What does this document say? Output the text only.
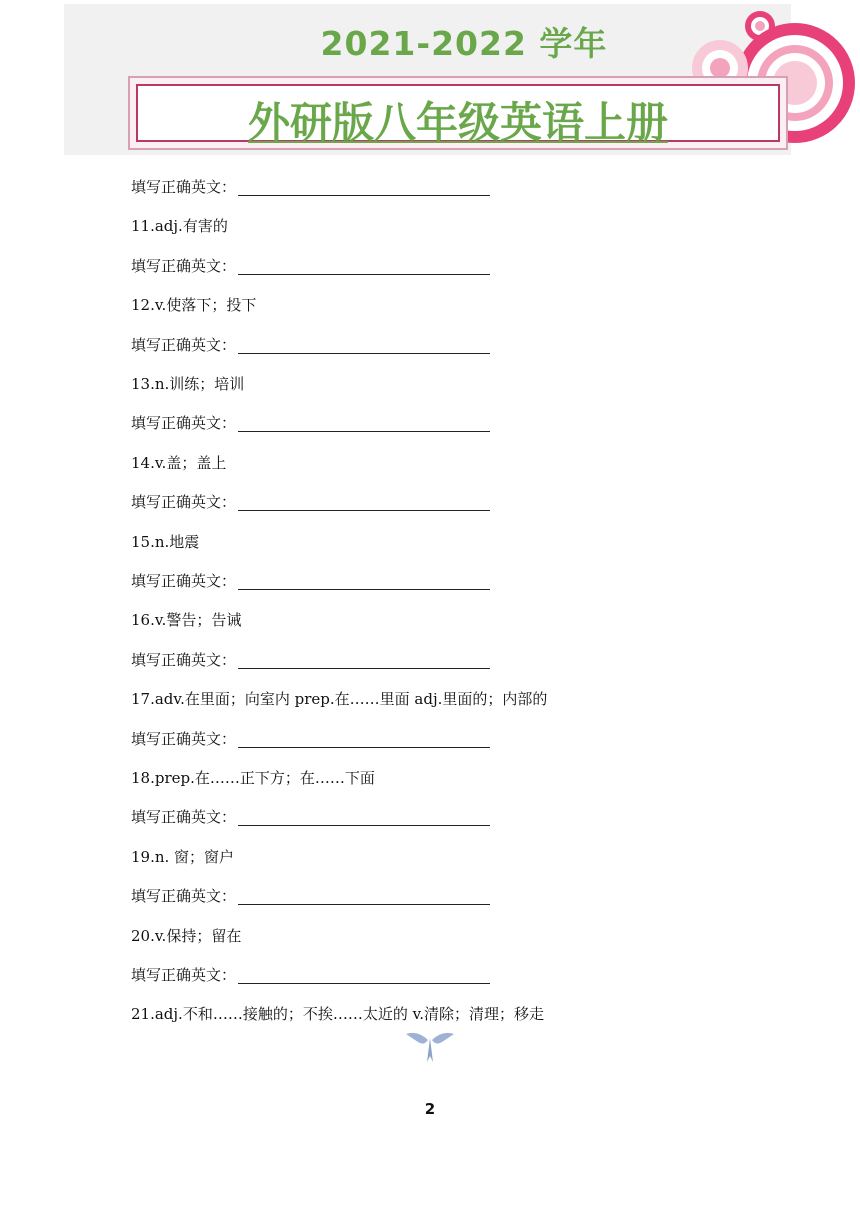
2021-2022 学年
外研版八年级英语上册
填写正确英文：
11.adj.有害的
填写正确英文：
12.v.使落下；投下
填写正确英文：
13.n.训练；培训
填写正确英文：
14.v.盖；盖上
填写正确英文：
15.n.地震
填写正确英文：
16.v.警告；告诫
填写正确英文：
17.adv.在里面；向室内 prep.在……里面 adj.里面的；内部的
填写正确英文：
18.prep.在……正下方；在……下面
填写正确英文：
19.n. 窗；窗户
填写正确英文：
20.v.保持；留在
填写正确英文：
21.adj.不和……接触的；不挨……太近的 v.清除；清理；移走
2
